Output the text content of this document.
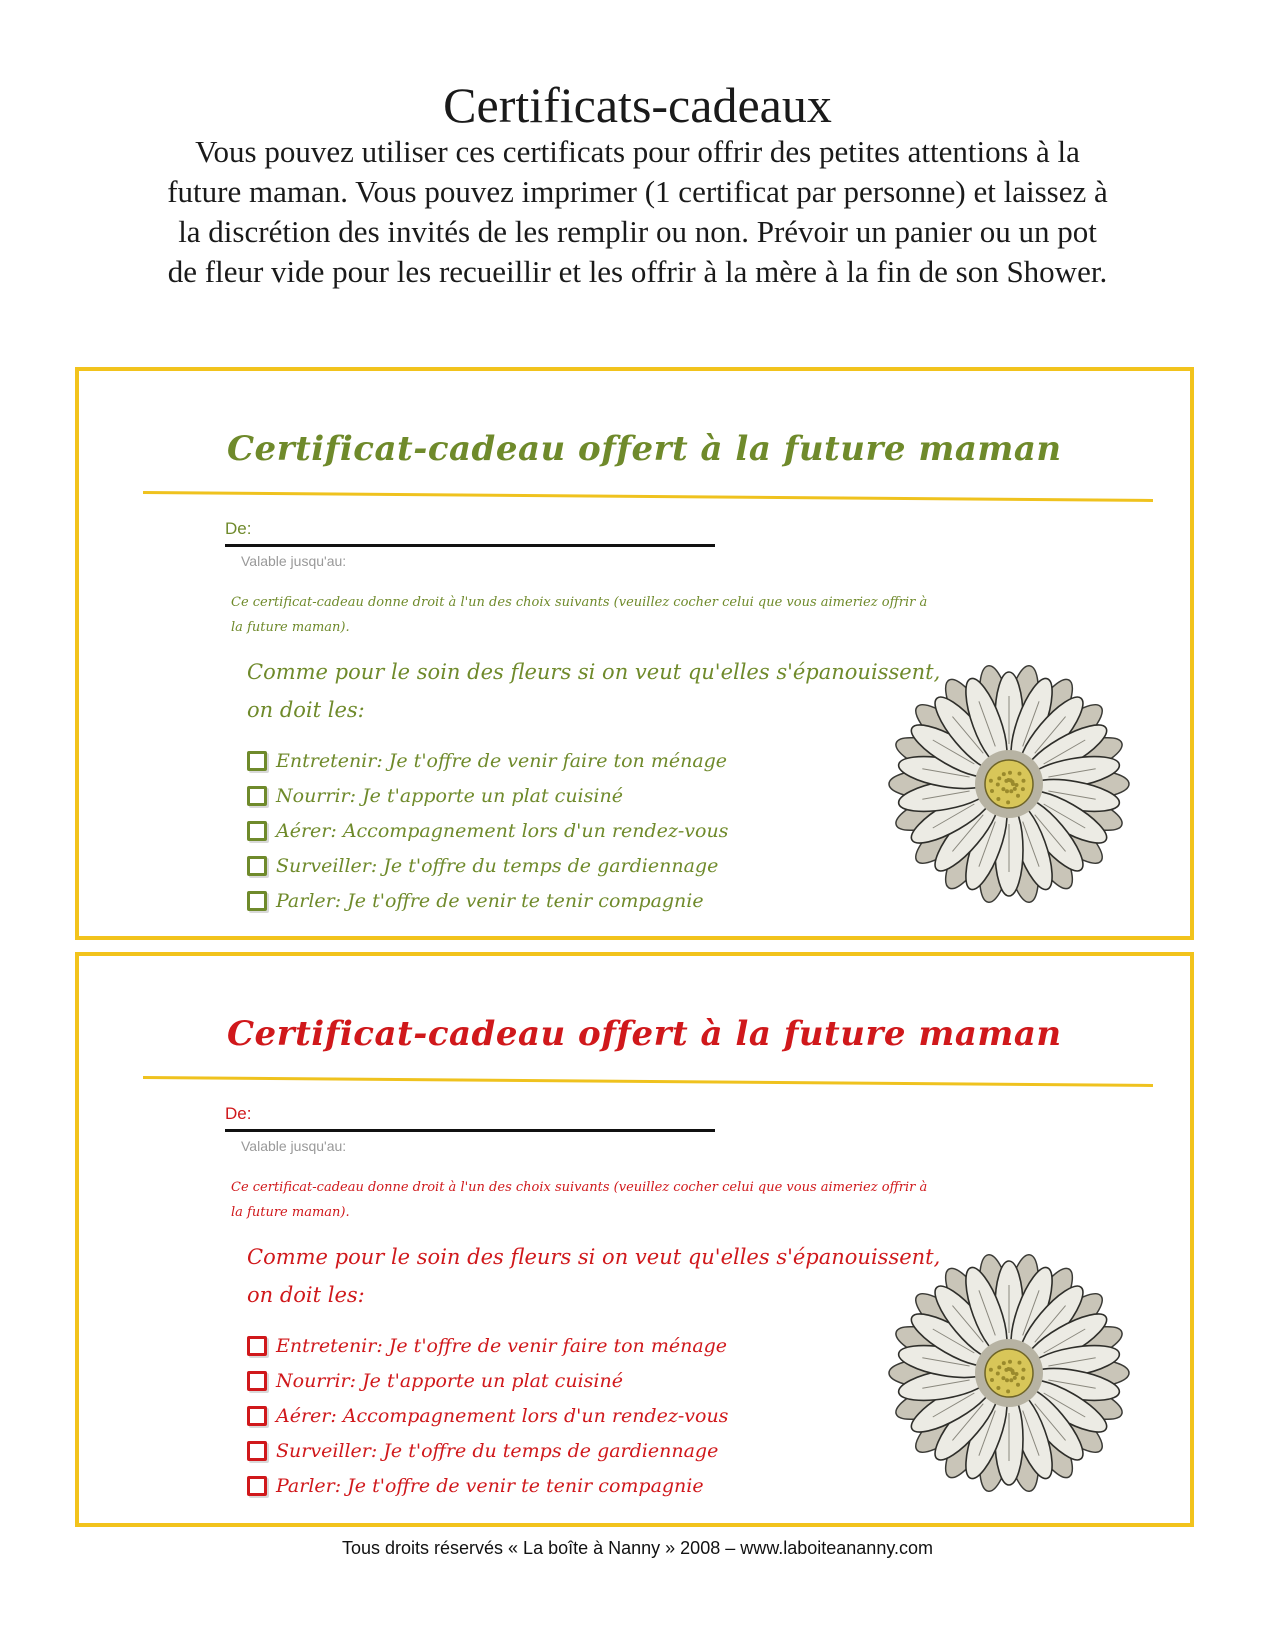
Certificats-cadeaux

Vous pouvez utiliser ces certificats pour offrir des petites attentions à la
future maman. Vous pouvez imprimer (1 certificat par personne) et laissez à
la discrétion des invités de les remplir ou non. Prévoir un panier ou un pot
de fleur vide pour les recueillir et les offrir à la mère à la fin de son Shower.

Certificat-cadeau offert à la future maman
De:
Valable jusqu'au:
Ce certificat-cadeau donne droit à l'un des choix suivants (veuillez cocher celui que vous aimeriez offrir à la future maman).
Comme pour le soin des fleurs si on veut qu'elles s'épanouissent,
on doit les:
Entretenir: Je t'offre de venir faire ton ménage
Nourrir: Je t'apporte un plat cuisiné
Aérer: Accompagnement lors d'un rendez-vous
Surveiller: Je t'offre du temps de gardiennage
Parler: Je t'offre de venir te tenir compagnie
Certificat-cadeau offert à la future maman
De:
Valable jusqu'au:
Ce certificat-cadeau donne droit à l'un des choix suivants (veuillez cocher celui que vous aimeriez offrir à la future maman).
Comme pour le soin des fleurs si on veut qu'elles s'épanouissent,
on doit les:
Entretenir: Je t'offre de venir faire ton ménage
Nourrir: Je t'apporte un plat cuisiné
Aérer: Accompagnement lors d'un rendez-vous
Surveiller: Je t'offre du temps de gardiennage
Parler: Je t'offre de venir te tenir compagnie
Tous droits réservés « La boîte à Nanny » 2008 – www.laboiteananny.com
